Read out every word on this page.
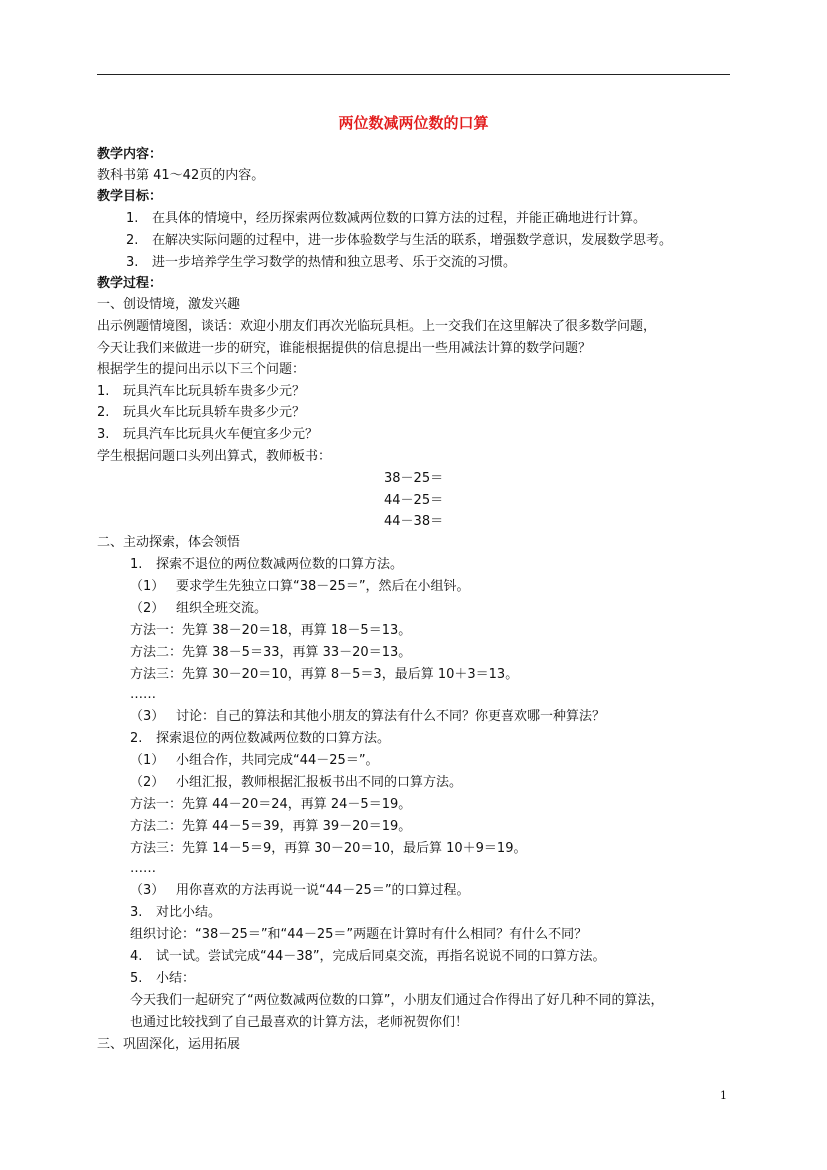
两位数减两位数的口算
教学内容：
教科书第 41～42页的内容。
教学目标：
1. 在具体的情境中，经历探索两位数减两位数的口算方法的过程，并能正确地进行计算。
2. 在解决实际问题的过程中，进一步体验数学与生活的联系，增强数学意识，发展数学思考。
3. 进一步培养学生学习数学的热情和独立思考、乐于交流的习惯。
教学过程：
一、创设情境，激发兴趣
出示例题情境图，谈话：欢迎小朋友们再次光临玩具柜。上一交我们在这里解决了很多数学问题，
今天让我们来做进一步的研究，谁能根据提供的信息提出一些用减法计算的数学问题？
根据学生的提问出示以下三个问题：
1. 玩具汽车比玩具轿车贵多少元？
2. 玩具火车比玩具轿车贵多少元？
3. 玩具汽车比玩具火车便宜多少元？
学生根据问题口头列出算式，教师板书：
38－25＝
44－25＝
44－38＝
二、主动探索，体会领悟
1. 探索不退位的两位数减两位数的口算方法。
（1） 要求学生先独立口算“38－25＝”，然后在小组钭。
（2） 组织全班交流。
方法一：先算 38－20＝18，再算 18－5＝13。
方法二：先算 38－5＝33，再算 33－20＝13。
方法三：先算 30－20＝10，再算 8－5＝3，最后算 10＋3＝13。
……
（3） 讨论：自己的算法和其他小朋友的算法有什么不同？你更喜欢哪一种算法？
2. 探索退位的两位数减两位数的口算方法。
（1） 小组合作，共同完成“44－25＝”。
（2） 小组汇报，教师根据汇报板书出不同的口算方法。
方法一：先算 44－20＝24，再算 24－5＝19。
方法二：先算 44－5＝39，再算 39－20＝19。
方法三：先算 14－5＝9，再算 30－20＝10，最后算 10＋9＝19。
……
（3） 用你喜欢的方法再说一说“44－25＝”的口算过程。
3. 对比小结。
组织讨论：“38－25＝”和“44－25＝”两题在计算时有什么相同？有什么不同？
4. 试一试。尝试完成“44－38”，完成后同桌交流，再指名说说不同的口算方法。
5. 小结：
今天我们一起研究了“两位数减两位数的口算”，小朋友们通过合作得出了好几种不同的算法，
也通过比较找到了自己最喜欢的计算方法，老师祝贺你们！
三、巩固深化，运用拓展
1
